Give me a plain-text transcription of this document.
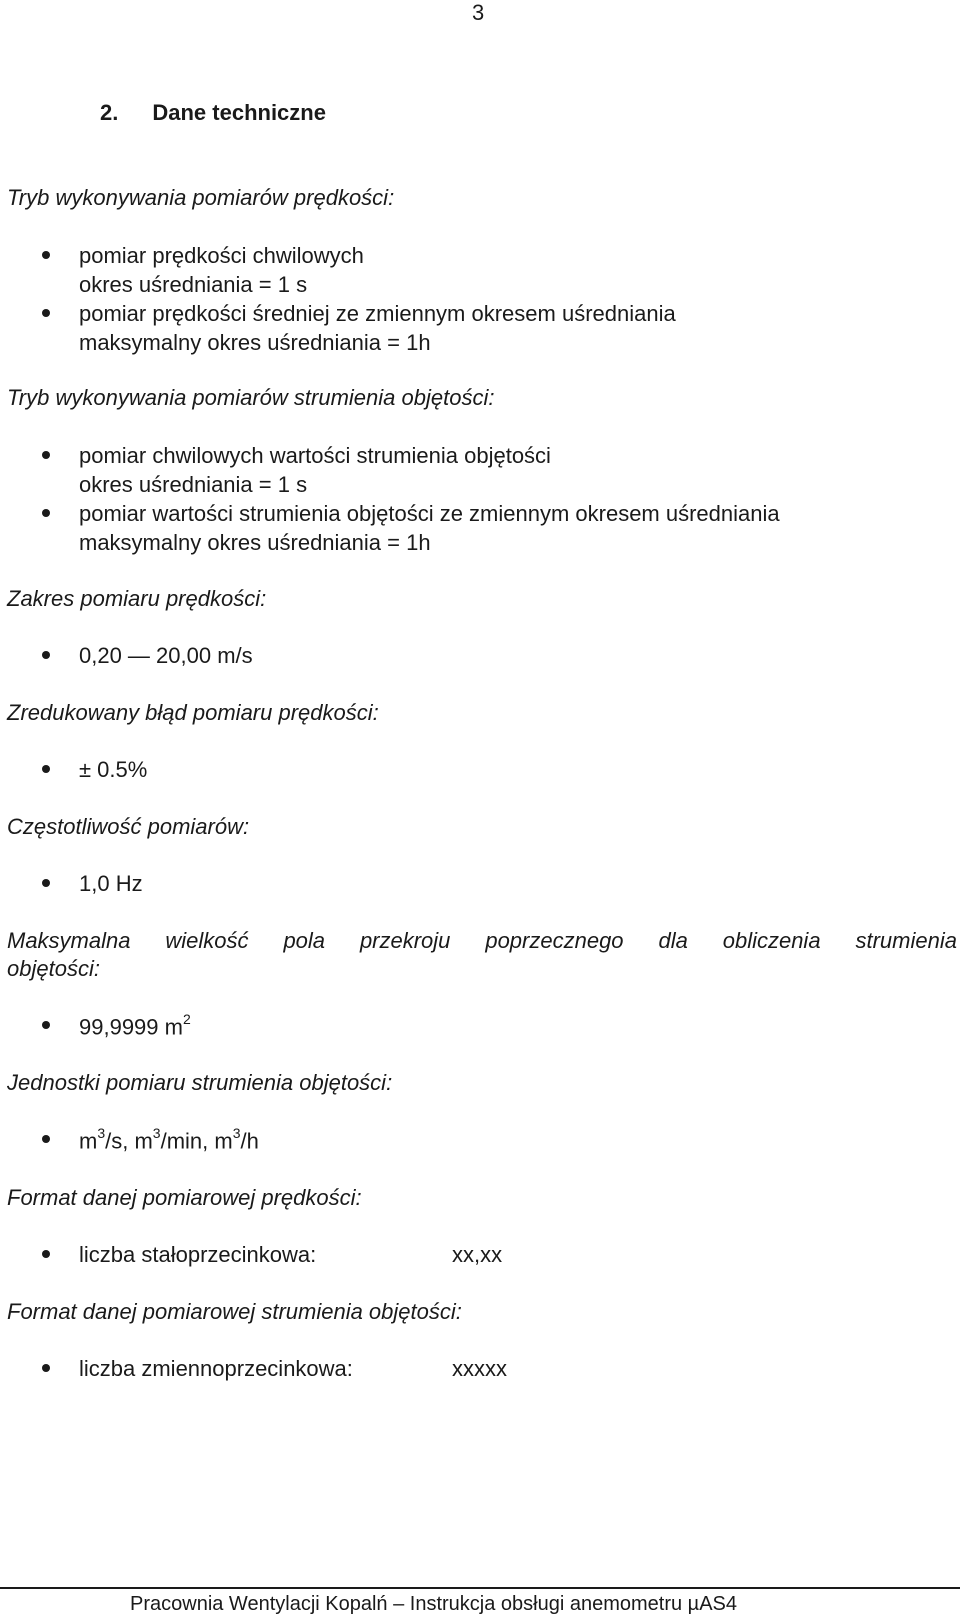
3
2. Dane techniczne
Tryb wykonywania pomiarów prędkości:
pomiar prędkości chwilowych
okres uśredniania = 1 s
pomiar prędkości średniej ze zmiennym okresem uśredniania
maksymalny okres uśredniania = 1h
Tryb wykonywania pomiarów strumienia objętości:
pomiar chwilowych wartości strumienia objętości
okres uśredniania = 1 s
pomiar wartości strumienia objętości ze zmiennym okresem uśredniania
maksymalny okres uśredniania = 1h
Zakres pomiaru prędkości:
0,20 — 20,00 m/s
Zredukowany błąd pomiaru prędkości:
± 0.5%
Częstotliwość pomiarów:
1,0 Hz
Maksymalna wielkość pola przekroju poprzecznego dla obliczenia strumienia
objętości:
99,9999 $m^2$
Jednostki pomiaru strumienia objętości:
$m^3/s$, $m^3/\min$, $m^3/h$
Format danej pomiarowej prędkości:
liczba stałoprzecinkowa:	xx,xx
Format danej pomiarowej strumienia objętości:
liczba zmiennoprzecinkowa:	xxxxx
Pracownia Wentylacji Kopalń – Instrukcja obsługi anemometru µAS4
